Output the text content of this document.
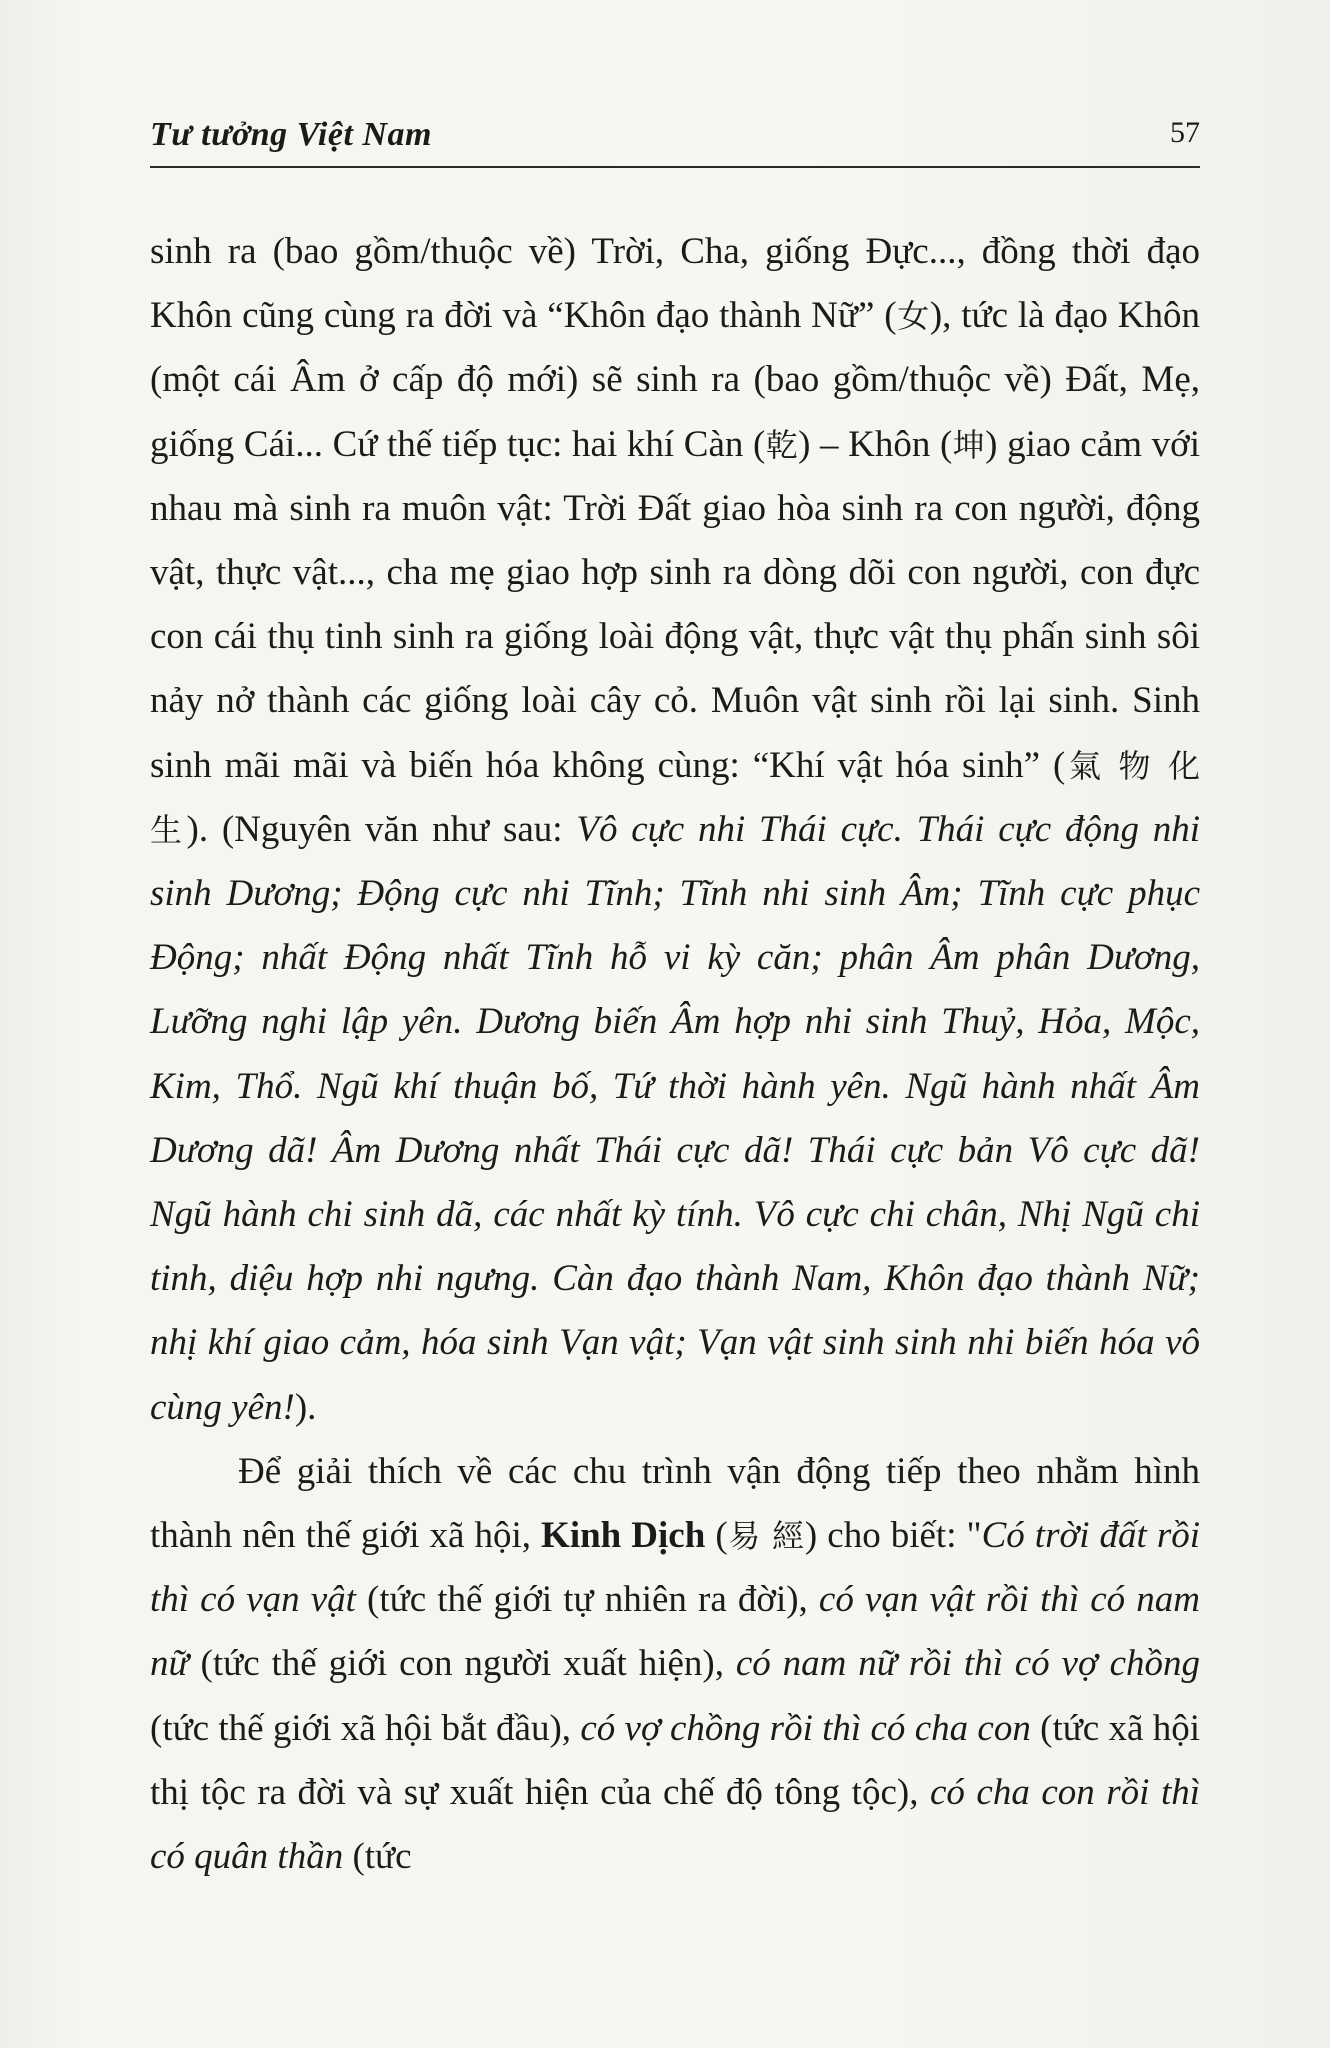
Tư tưởng Việt Nam	57

sinh ra (bao gồm/thuộc về) Trời, Cha, giống Đực..., đồng thời đạo Khôn cũng cùng ra đời và “Khôn đạo thành Nữ” (女), tức là đạo Khôn (một cái Âm ở cấp độ mới) sẽ sinh ra (bao gồm/thuộc về) Đất, Mẹ, giống Cái... Cứ thế tiếp tục: hai khí Càn (乾) – Khôn (坤) giao cảm với nhau mà sinh ra muôn vật: Trời Đất giao hòa sinh ra con người, động vật, thực vật..., cha mẹ giao hợp sinh ra dòng dõi con người, con đực con cái thụ tinh sinh ra giống loài động vật, thực vật thụ phấn sinh sôi nảy nở thành các giống loài cây cỏ. Muôn vật sinh rồi lại sinh. Sinh sinh mãi mãi và biến hóa không cùng: “Khí vật hóa sinh” (氣 物 化 生). (Nguyên văn như sau: Vô cực nhi Thái cực. Thái cực động nhi sinh Dương; Động cực nhi Tĩnh; Tĩnh nhi sinh Âm; Tĩnh cực phục Động; nhất Động nhất Tĩnh hỗ vi kỳ căn; phân Âm phân Dương, Lưỡng nghi lập yên. Dương biến Âm hợp nhi sinh Thuỷ, Hỏa, Mộc, Kim, Thổ. Ngũ khí thuận bố, Tứ thời hành yên. Ngũ hành nhất Âm Dương dã! Âm Dương nhất Thái cực dã! Thái cực bản Vô cực dã! Ngũ hành chi sinh dã, các nhất kỳ tính. Vô cực chi chân, Nhị Ngũ chi tinh, diệu hợp nhi ngưng. Càn đạo thành Nam, Khôn đạo thành Nữ; nhị khí giao cảm, hóa sinh Vạn vật; Vạn vật sinh sinh nhi biến hóa vô cùng yên!).

Để giải thích về các chu trình vận động tiếp theo nhằm hình thành nên thế giới xã hội, Kinh Dịch (易 經) cho biết: "Có trời đất rồi thì có vạn vật (tức thế giới tự nhiên ra đời), có vạn vật rồi thì có nam nữ (tức thế giới con người xuất hiện), có nam nữ rồi thì có vợ chồng (tức thế giới xã hội bắt đầu), có vợ chồng rồi thì có cha con (tức xã hội thị tộc ra đời và sự xuất hiện của chế độ tông tộc), có cha con rồi thì có quân thần (tức
